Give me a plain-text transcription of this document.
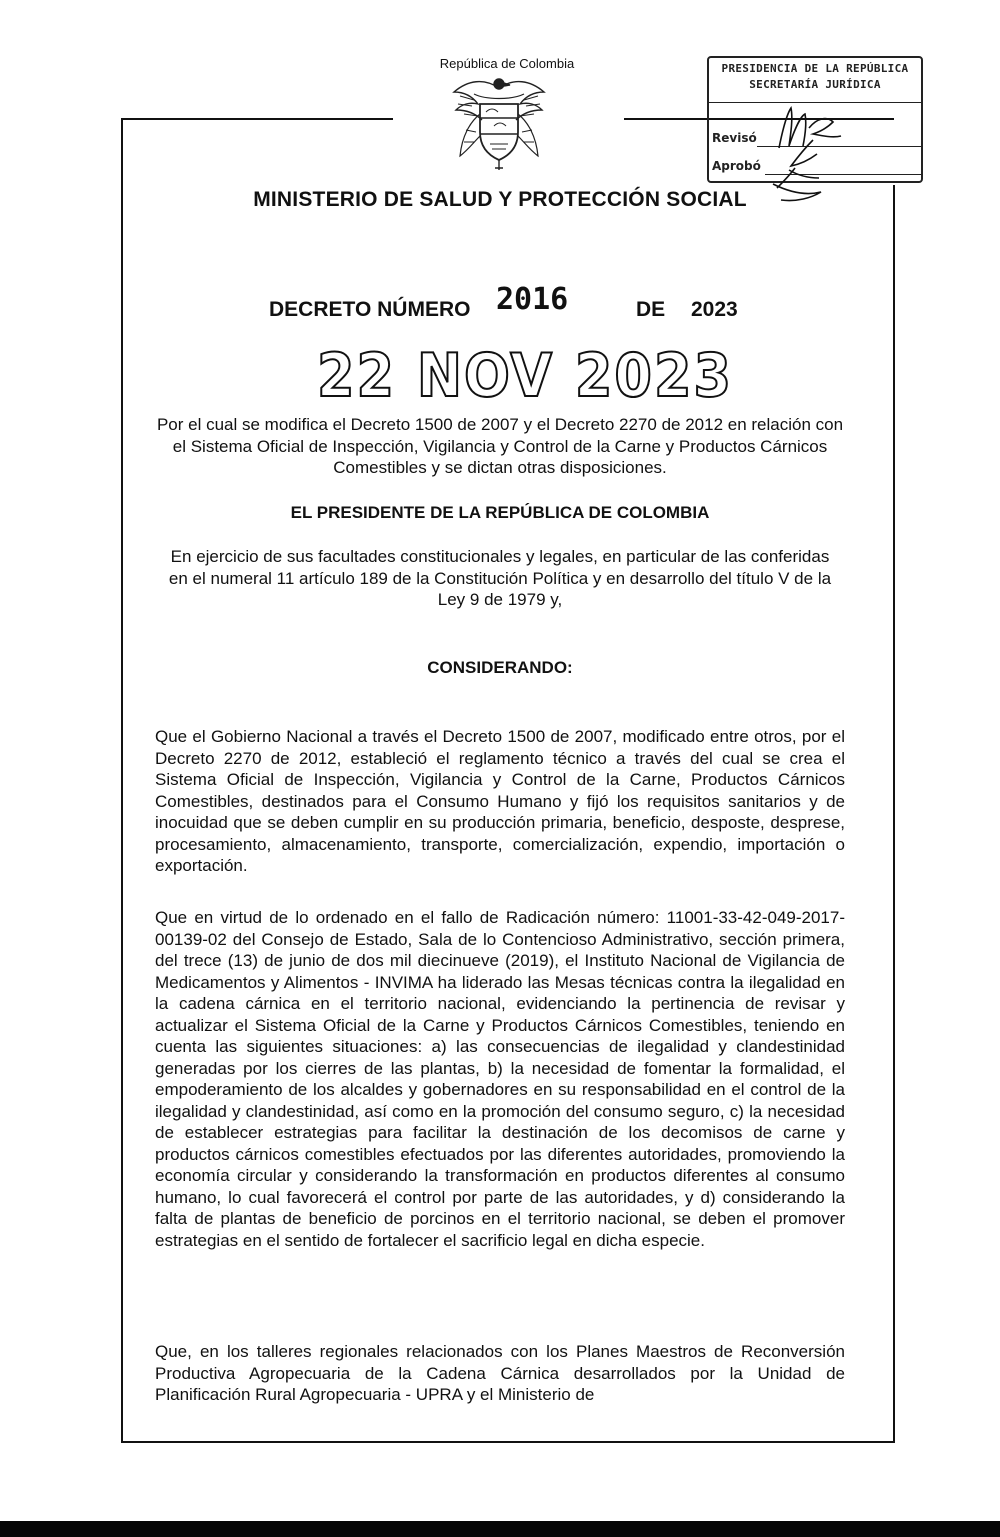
República de Colombia	PRESIDENCIA DE LA REPÚBLICA
SECRETARÍA JURÍDICA
Revisó
Aprobó
MINISTERIO DE SALUD Y PROTECCIÓN SOCIAL
DECRETO NÚMERO 2016	DE 2023
22 NOV 2023
Por el cual se modifica el Decreto 1500 de 2007 y el Decreto 2270 de 2012 en relación con el Sistema Oficial de Inspección, Vigilancia y Control de la Carne y Productos Cárnicos Comestibles y se dictan otras disposiciones.
EL PRESIDENTE DE LA REPÚBLICA DE COLOMBIA
En ejercicio de sus facultades constitucionales y legales, en particular de las conferidas en el numeral 11 artículo 189 de la Constitución Política y en desarrollo del título V de la Ley 9 de 1979 y,
CONSIDERANDO:
Que el Gobierno Nacional a través el Decreto 1500 de 2007, modificado entre otros, por el Decreto 2270 de 2012, estableció el reglamento técnico a través del cual se crea el Sistema Oficial de Inspección, Vigilancia y Control de la Carne, Productos Cárnicos Comestibles, destinados para el Consumo Humano y fijó los requisitos sanitarios y de inocuidad que se deben cumplir en su producción primaria, beneficio, desposte, desprese, procesamiento, almacenamiento, transporte, comercialización, expendio, importación o exportación.
Que en virtud de lo ordenado en el fallo de Radicación número: 11001-33-42-049-2017-00139-02 del Consejo de Estado, Sala de lo Contencioso Administrativo, sección primera, del trece (13) de junio de dos mil diecinueve (2019), el Instituto Nacional de Vigilancia de Medicamentos y Alimentos - INVIMA ha liderado las Mesas técnicas contra la ilegalidad en la cadena cárnica en el territorio nacional, evidenciando la pertinencia de revisar y actualizar el Sistema Oficial de la Carne y Productos Cárnicos Comestibles, teniendo en cuenta las siguientes situaciones: a) las consecuencias de ilegalidad y clandestinidad generadas por los cierres de las plantas, b) la necesidad de fomentar la formalidad, el empoderamiento de los alcaldes y gobernadores en su responsabilidad en el control de la ilegalidad y clandestinidad, así como en la promoción del consumo seguro, c) la necesidad de establecer estrategias para facilitar la destinación de los decomisos de carne y productos cárnicos comestibles efectuados por las diferentes autoridades, promoviendo la economía circular y considerando la transformación en productos diferentes al consumo humano, lo cual favorecerá el control por parte de las autoridades, y d) considerando la falta de plantas de beneficio de porcinos en el territorio nacional, se deben el promover estrategias en el sentido de fortalecer el sacrificio legal en dicha especie.
Que, en los talleres regionales relacionados con los Planes Maestros de Reconversión Productiva Agropecuaria de la Cadena Cárnica desarrollados por la Unidad de Planificación Rural Agropecuaria - UPRA y el Ministerio de
